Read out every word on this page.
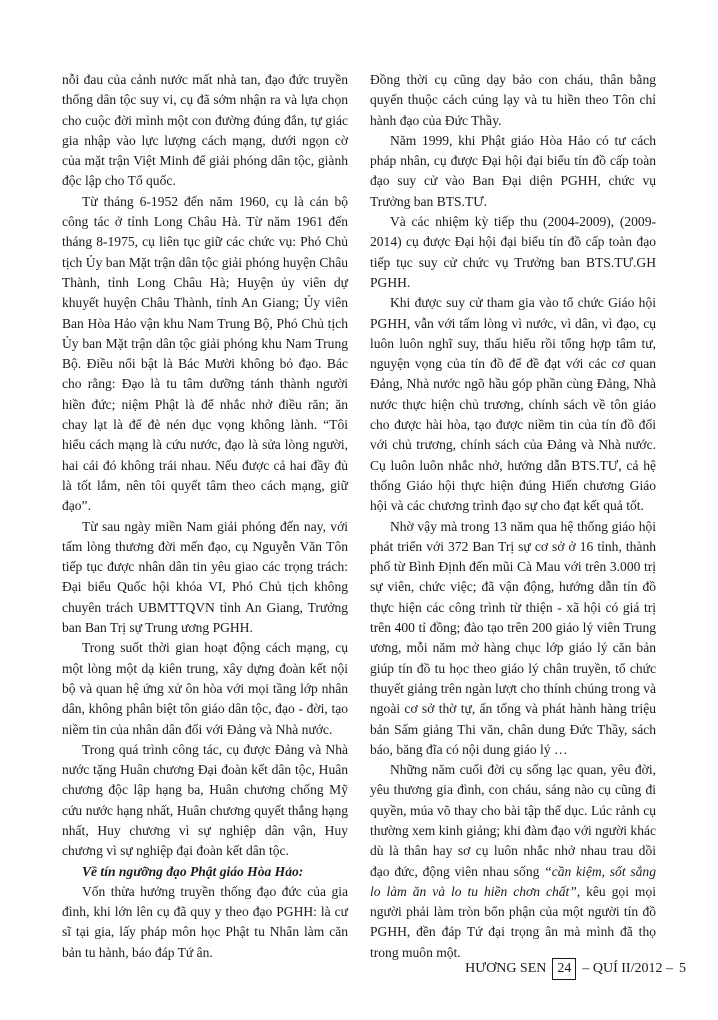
nỗi đau của cảnh nước mất nhà tan, đạo đức truyền thống dân tộc suy vi, cụ đã sớm nhận ra và lựa chọn cho cuộc đời mình một con đường đúng đắn, tự giác gia nhập vào lực lượng cách mạng, dưới ngọn cờ của mặt trận Việt Minh để giải phóng dân tộc, giành độc lập cho Tổ quốc.

Từ tháng 6-1952 đến năm 1960, cụ là cán bộ công tác ở tỉnh Long Châu Hà. Từ năm 1961 đến tháng 8-1975, cụ liên tục giữ các chức vụ: Phó Chủ tịch Ủy ban Mặt trận dân tộc giải phóng huyện Châu Thành, tỉnh Long Châu Hà; Huyện ủy viên dự khuyết huyện Châu Thành, tỉnh An Giang; Ủy viên Ban Hòa Hảo vận khu Nam Trung Bộ, Phó Chủ tịch Ủy ban Mặt trận dân tộc giải phóng khu Nam Trung Bộ. Điều nổi bật là Bác Mười không bỏ đạo. Bác cho rằng: Đạo là tu tâm dưỡng tánh thành người hiền đức; niệm Phật là để nhắc nhở điều răn; ăn chay lạt là để đè nén dục vọng không lành. “Tôi hiểu cách mạng là cứu nước, đạo là sửa lòng người, hai cái đó không trái nhau. Nếu được cả hai đầy đủ là tốt lắm, nên tôi quyết tâm theo cách mạng, giữ đạo”.

Từ sau ngày miền Nam giải phóng đến nay, với tấm lòng thương đời mến đạo, cụ Nguyễn Văn Tôn tiếp tục được nhân dân tin yêu giao các trọng trách: Đại biểu Quốc hội khóa VI, Phó Chủ tịch không chuyên trách UBMTTQVN tỉnh An Giang, Trưởng ban Ban Trị sự Trung ương PGHH.

Trong suốt thời gian hoạt động cách mạng, cụ một lòng một dạ kiên trung, xây dựng đoàn kết nội bộ và quan hệ ứng xử ôn hòa với mọi tầng lớp nhân dân, không phân biệt tôn giáo dân tộc, đạo - đời, tạo niềm tin của nhân dân đối với Đảng và Nhà nước.

Trong quá trình công tác, cụ được Đảng và Nhà nước tặng Huân chương Đại đoàn kết dân tộc, Huân chương độc lập hạng ba, Huân chương chống Mỹ cứu nước hạng nhất, Huân chương quyết thắng hạng nhất, Huy chương vì sự nghiệp dân vận, Huy chương vì sự nghiệp đại đoàn kết dân tộc.

Về tín ngưỡng đạo Phật giáo Hòa Hảo:

Vốn thừa hưởng truyền thống đạo đức của gia đình, khi lớn lên cụ đã quy y theo đạo PGHH: là cư sĩ tại gia, lấy pháp môn học Phật tu Nhân làm căn bản tu hành, báo đáp Tứ ân.

Đồng thời cụ cũng dạy bảo con cháu, thân bằng quyến thuộc cách cúng lạy và tu hiền theo Tôn chỉ hành đạo của Đức Thầy.

Năm 1999, khi Phật giáo Hòa Hảo có tư cách pháp nhân, cụ được Đại hội đại biểu tín đồ cấp toàn đạo suy cử vào Ban Đại diện PGHH, chức vụ Trưởng ban BTS.TƯ.

Và các nhiệm kỳ tiếp thu (2004-2009), (2009-2014) cụ được Đại hội đại biểu tín đồ cấp toàn đạo tiếp tục suy cử chức vụ Trưởng ban BTS.TƯ.GH PGHH.

Khi được suy cử tham gia vào tổ chức Giáo hội PGHH, vẫn với tấm lòng vì nước, vì dân, vì đạo, cụ luôn luôn nghĩ suy, thấu hiểu rồi tổng hợp tâm tư, nguyện vọng của tín đồ để đề đạt với các cơ quan Đảng, Nhà nước ngõ hầu góp phần cùng Đảng, Nhà nước thực hiện chủ trương, chính sách về tôn giáo cho được hài hòa, tạo được niềm tin của tín đồ đối với chủ trương, chính sách của Đảng và Nhà nước. Cụ luôn luôn nhắc nhở, hướng dẫn BTS.TƯ, cả hệ thống Giáo hội thực hiện đúng Hiến chương Giáo hội và các chương trình đạo sự cho đạt kết quả tốt.

Nhờ vậy mà trong 13 năm qua hệ thống giáo hội phát triển với 372 Ban Trị sự cơ sở ở 16 tỉnh, thành phố từ Bình Định đến mũi Cà Mau với trên 3.000 trị sự viên, chức việc; đã vận động, hướng dẫn tín đồ thực hiện các công trình từ thiện - xã hội có giá trị trên 400 tỉ đồng; đào tạo trên 200 giáo lý viên Trung ương, mỗi năm mở hàng chục lớp giáo lý căn bản giúp tín đồ tu học theo giáo lý chân truyền, tổ chức thuyết giảng trên ngàn lượt cho thính chúng trong và ngoài cơ sở thờ tự, ấn tống và phát hành hàng triệu bản Sấm giảng Thi văn, chân dung Đức Thầy, sách báo, băng đĩa có nội dung giáo lý …

Những năm cuối đời cụ sống lạc quan, yêu đời, yêu thương gia đình, con cháu, sáng nào cụ cũng đi quyền, múa võ thay cho bài tập thể dục. Lúc rảnh cụ thường xem kinh giảng; khi đàm đạo với người khác dù là thân hay sơ cụ luôn nhắc nhở nhau trau dồi đạo đức, động viên nhau sống “cần kiệm, sốt sắng lo làm ăn và lo tu hiền chơn chất”, kêu gọi mọi người phải làm tròn bổn phận của một người tín đồ PGHH, đền đáp Tứ đại trọng ân mà mình đã thọ trong muôn một.

HƯƠNG SEN 24 – QUÍ II/2012 – 5
